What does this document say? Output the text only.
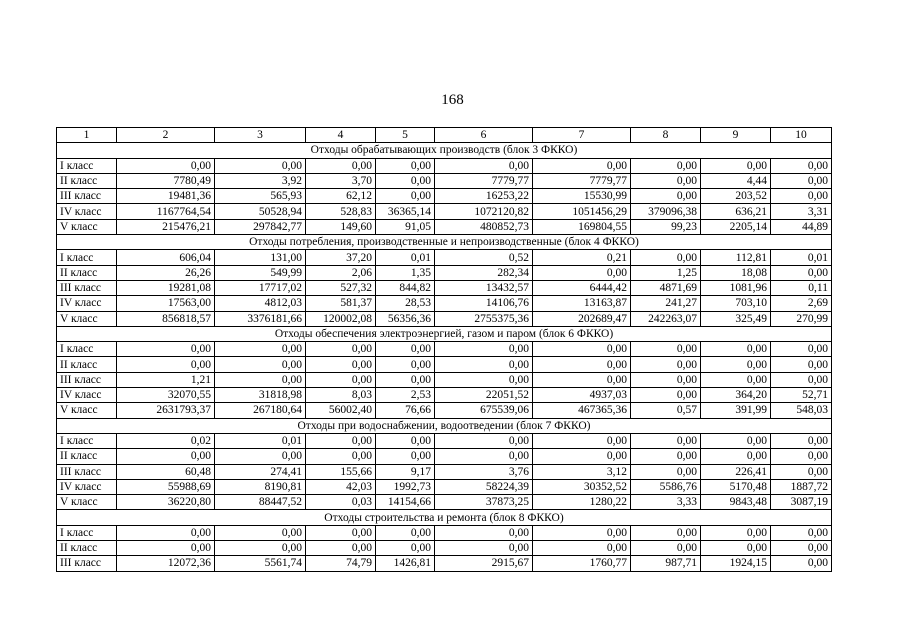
168
1	2	3	4	5	6	7	8	9	10
Отходы обрабатывающих производств (блок 3 ФККО)									
I класс	0,00	0,00	0,00	0,00	0,00	0,00	0,00	0,00	0,00
II класс	7780,49	3,92	3,70	0,00	7779,77	7779,77	0,00	4,44	0,00
III класс	19481,36	565,93	62,12	0,00	16253,22	15530,99	0,00	203,52	0,00
IV класс	1167764,54	50528,94	528,83	36365,14	1072120,82	1051456,29	379096,38	636,21	3,31
V класс	215476,21	297842,77	149,60	91,05	480852,73	169804,55	99,23	2205,14	44,89
Отходы потребления, производственные и непроизводственные (блок 4 ФККО)									
I класс	606,04	131,00	37,20	0,01	0,52	0,21	0,00	112,81	0,01
II класс	26,26	549,99	2,06	1,35	282,34	0,00	1,25	18,08	0,00
III класс	19281,08	17717,02	527,32	844,82	13432,57	6444,42	4871,69	1081,96	0,11
IV класс	17563,00	4812,03	581,37	28,53	14106,76	13163,87	241,27	703,10	2,69
V класс	856818,57	3376181,66	120002,08	56356,36	2755375,36	202689,47	242263,07	325,49	270,99
Отходы обеспечения электроэнергией, газом и паром (блок 6 ФККО)									
I класс	0,00	0,00	0,00	0,00	0,00	0,00	0,00	0,00	0,00
II класс	0,00	0,00	0,00	0,00	0,00	0,00	0,00	0,00	0,00
III класс	1,21	0,00	0,00	0,00	0,00	0,00	0,00	0,00	0,00
IV класс	32070,55	31818,98	8,03	2,53	22051,52	4937,03	0,00	364,20	52,71
V класс	2631793,37	267180,64	56002,40	76,66	675539,06	467365,36	0,57	391,99	548,03
Отходы при водоснабжении, водоотведении (блок 7 ФККО)									
I класс	0,02	0,01	0,00	0,00	0,00	0,00	0,00	0,00	0,00
II класс	0,00	0,00	0,00	0,00	0,00	0,00	0,00	0,00	0,00
III класс	60,48	274,41	155,66	9,17	3,76	3,12	0,00	226,41	0,00
IV класс	55988,69	8190,81	42,03	1992,73	58224,39	30352,52	5586,76	5170,48	1887,72
V класс	36220,80	88447,52	0,03	14154,66	37873,25	1280,22	3,33	9843,48	3087,19
Отходы строительства и ремонта (блок 8 ФККО)									
I класс	0,00	0,00	0,00	0,00	0,00	0,00	0,00	0,00	0,00
II класс	0,00	0,00	0,00	0,00	0,00	0,00	0,00	0,00	0,00
III класс	12072,36	5561,74	74,79	1426,81	2915,67	1760,77	987,71	1924,15	0,00
